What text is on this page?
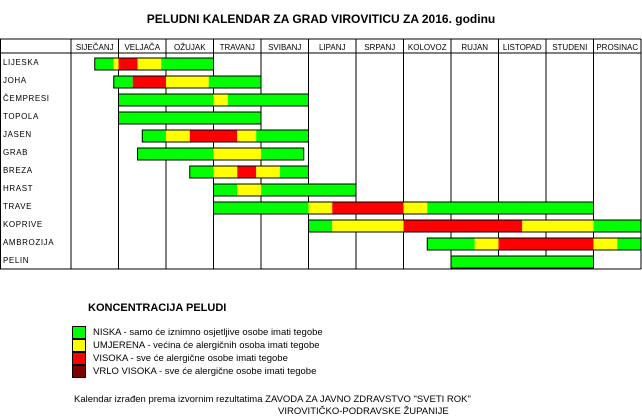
PELUDNI KALENDAR ZA GRAD VIROVITICU ZA 2016. godinu
SIJEČANJ VELJAČA OŽUJAK TRAVANJ SVIBANJ LIPANJ SRPANJ KOLOVOZ RUJAN LISTOPAD STUDENI PROSINAC
LIJESKA
JOHA
ČEMPRESI
TOPOLA
JASEN
GRAB
BREZA
HRAST
TRAVE
KOPRIVE
AMBROZIJA
PELIN
KONCENTRACIJA PELUDI
NISKA - samo će iznimno osjetljive osobe imati tegobe
UMJERENA - većina će alergičnih osoba imati tegobe
VISOKA - sve će alergične osobe imati tegobe
VRLO VISOKA - sve će alergične osobe imati tegobe
Kalendar izrađen prema izvornim rezultatima ZAVODA ZA JAVNO ZDRAVSTVO "SVETI ROK"
VIROVITIČKO-PODRAVSKE ŽUPANIJE
